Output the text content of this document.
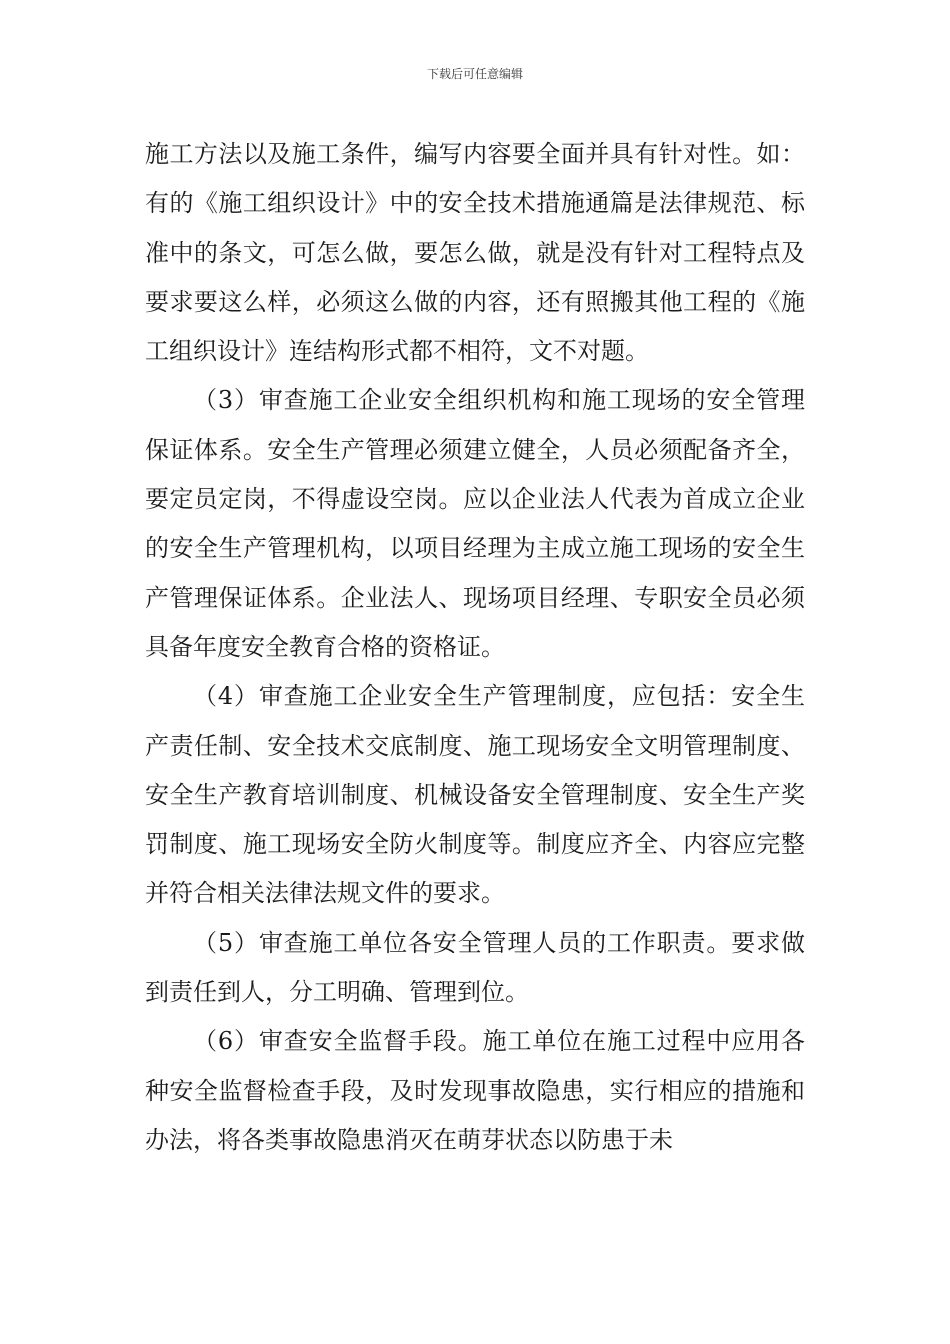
下载后可任意编辑

施工方法以及施工条件，编写内容要全面并具有针对性。如：有的《施工组织设计》中的安全技术措施通篇是法律规范、标准中的条文，可怎么做，要怎么做，就是没有针对工程特点及要求要这么样，必须这么做的内容，还有照搬其他工程的《施工组织设计》连结构形式都不相符，文不对题。

（3）审查施工企业安全组织机构和施工现场的安全管理保证体系。安全生产管理必须建立健全，人员必须配备齐全，要定员定岗，不得虚设空岗。应以企业法人代表为首成立企业的安全生产管理机构，以项目经理为主成立施工现场的安全生产管理保证体系。企业法人、现场项目经理、专职安全员必须具备年度安全教育合格的资格证。

（4）审查施工企业安全生产管理制度，应包括：安全生产责任制、安全技术交底制度、施工现场安全文明管理制度、安全生产教育培训制度、机械设备安全管理制度、安全生产奖罚制度、施工现场安全防火制度等。制度应齐全、内容应完整并符合相关法律法规文件的要求。

（5）审查施工单位各安全管理人员的工作职责。要求做到责任到人，分工明确、管理到位。

（6）审查安全监督手段。施工单位在施工过程中应用各种安全监督检查手段，及时发现事故隐患，实行相应的措施和办法，将各类事故隐患消灭在萌芽状态以防患于未
